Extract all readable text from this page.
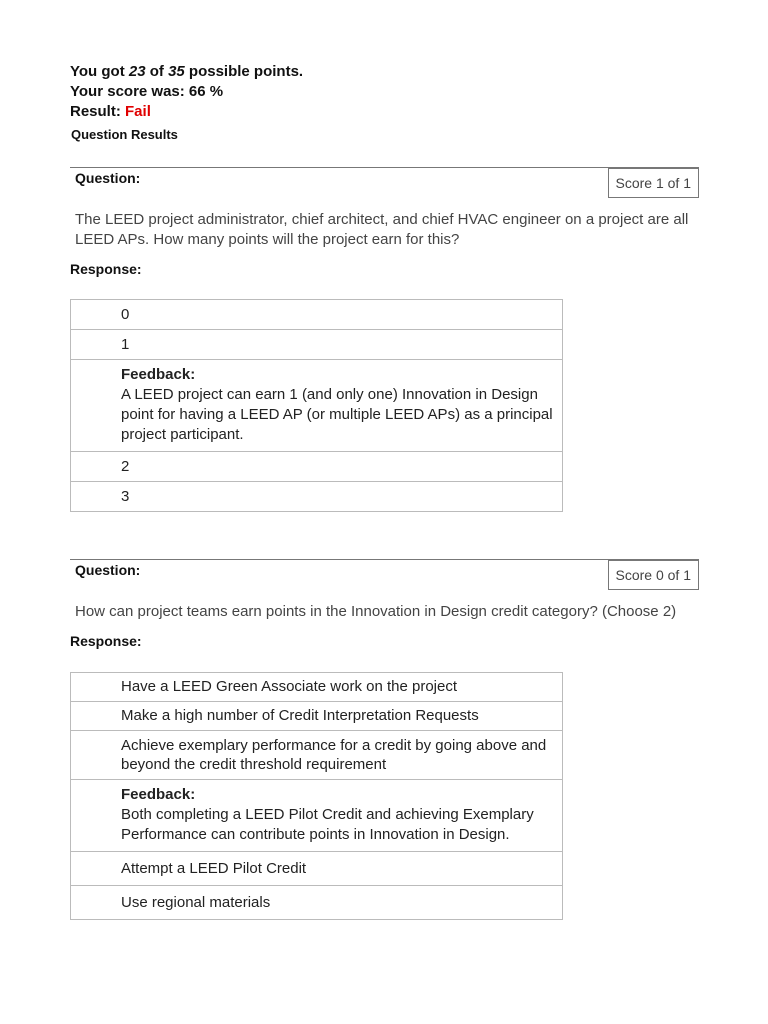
You got 23 of 35 possible points.
Your score was: 66 %
Result: Fail
Question Results
Question:	Score 1 of 1
The LEED project administrator, chief architect, and chief HVAC engineer on a project are all LEED APs. How many points will the project earn for this?
Response:
0
1
Feedback:
A LEED project can earn 1 (and only one) Innovation in Design point for having a LEED AP (or multiple LEED APs) as a principal project participant.
2
3
Question:	Score 0 of 1
How can project teams earn points in the Innovation in Design credit category? (Choose 2)
Response:
Have a LEED Green Associate work on the project
Make a high number of Credit Interpretation Requests
Achieve exemplary performance for a credit by going above and beyond the credit threshold requirement
Feedback:
Both completing a LEED Pilot Credit and achieving Exemplary Performance can contribute points in Innovation in Design.
Attempt a LEED Pilot Credit
Use regional materials
